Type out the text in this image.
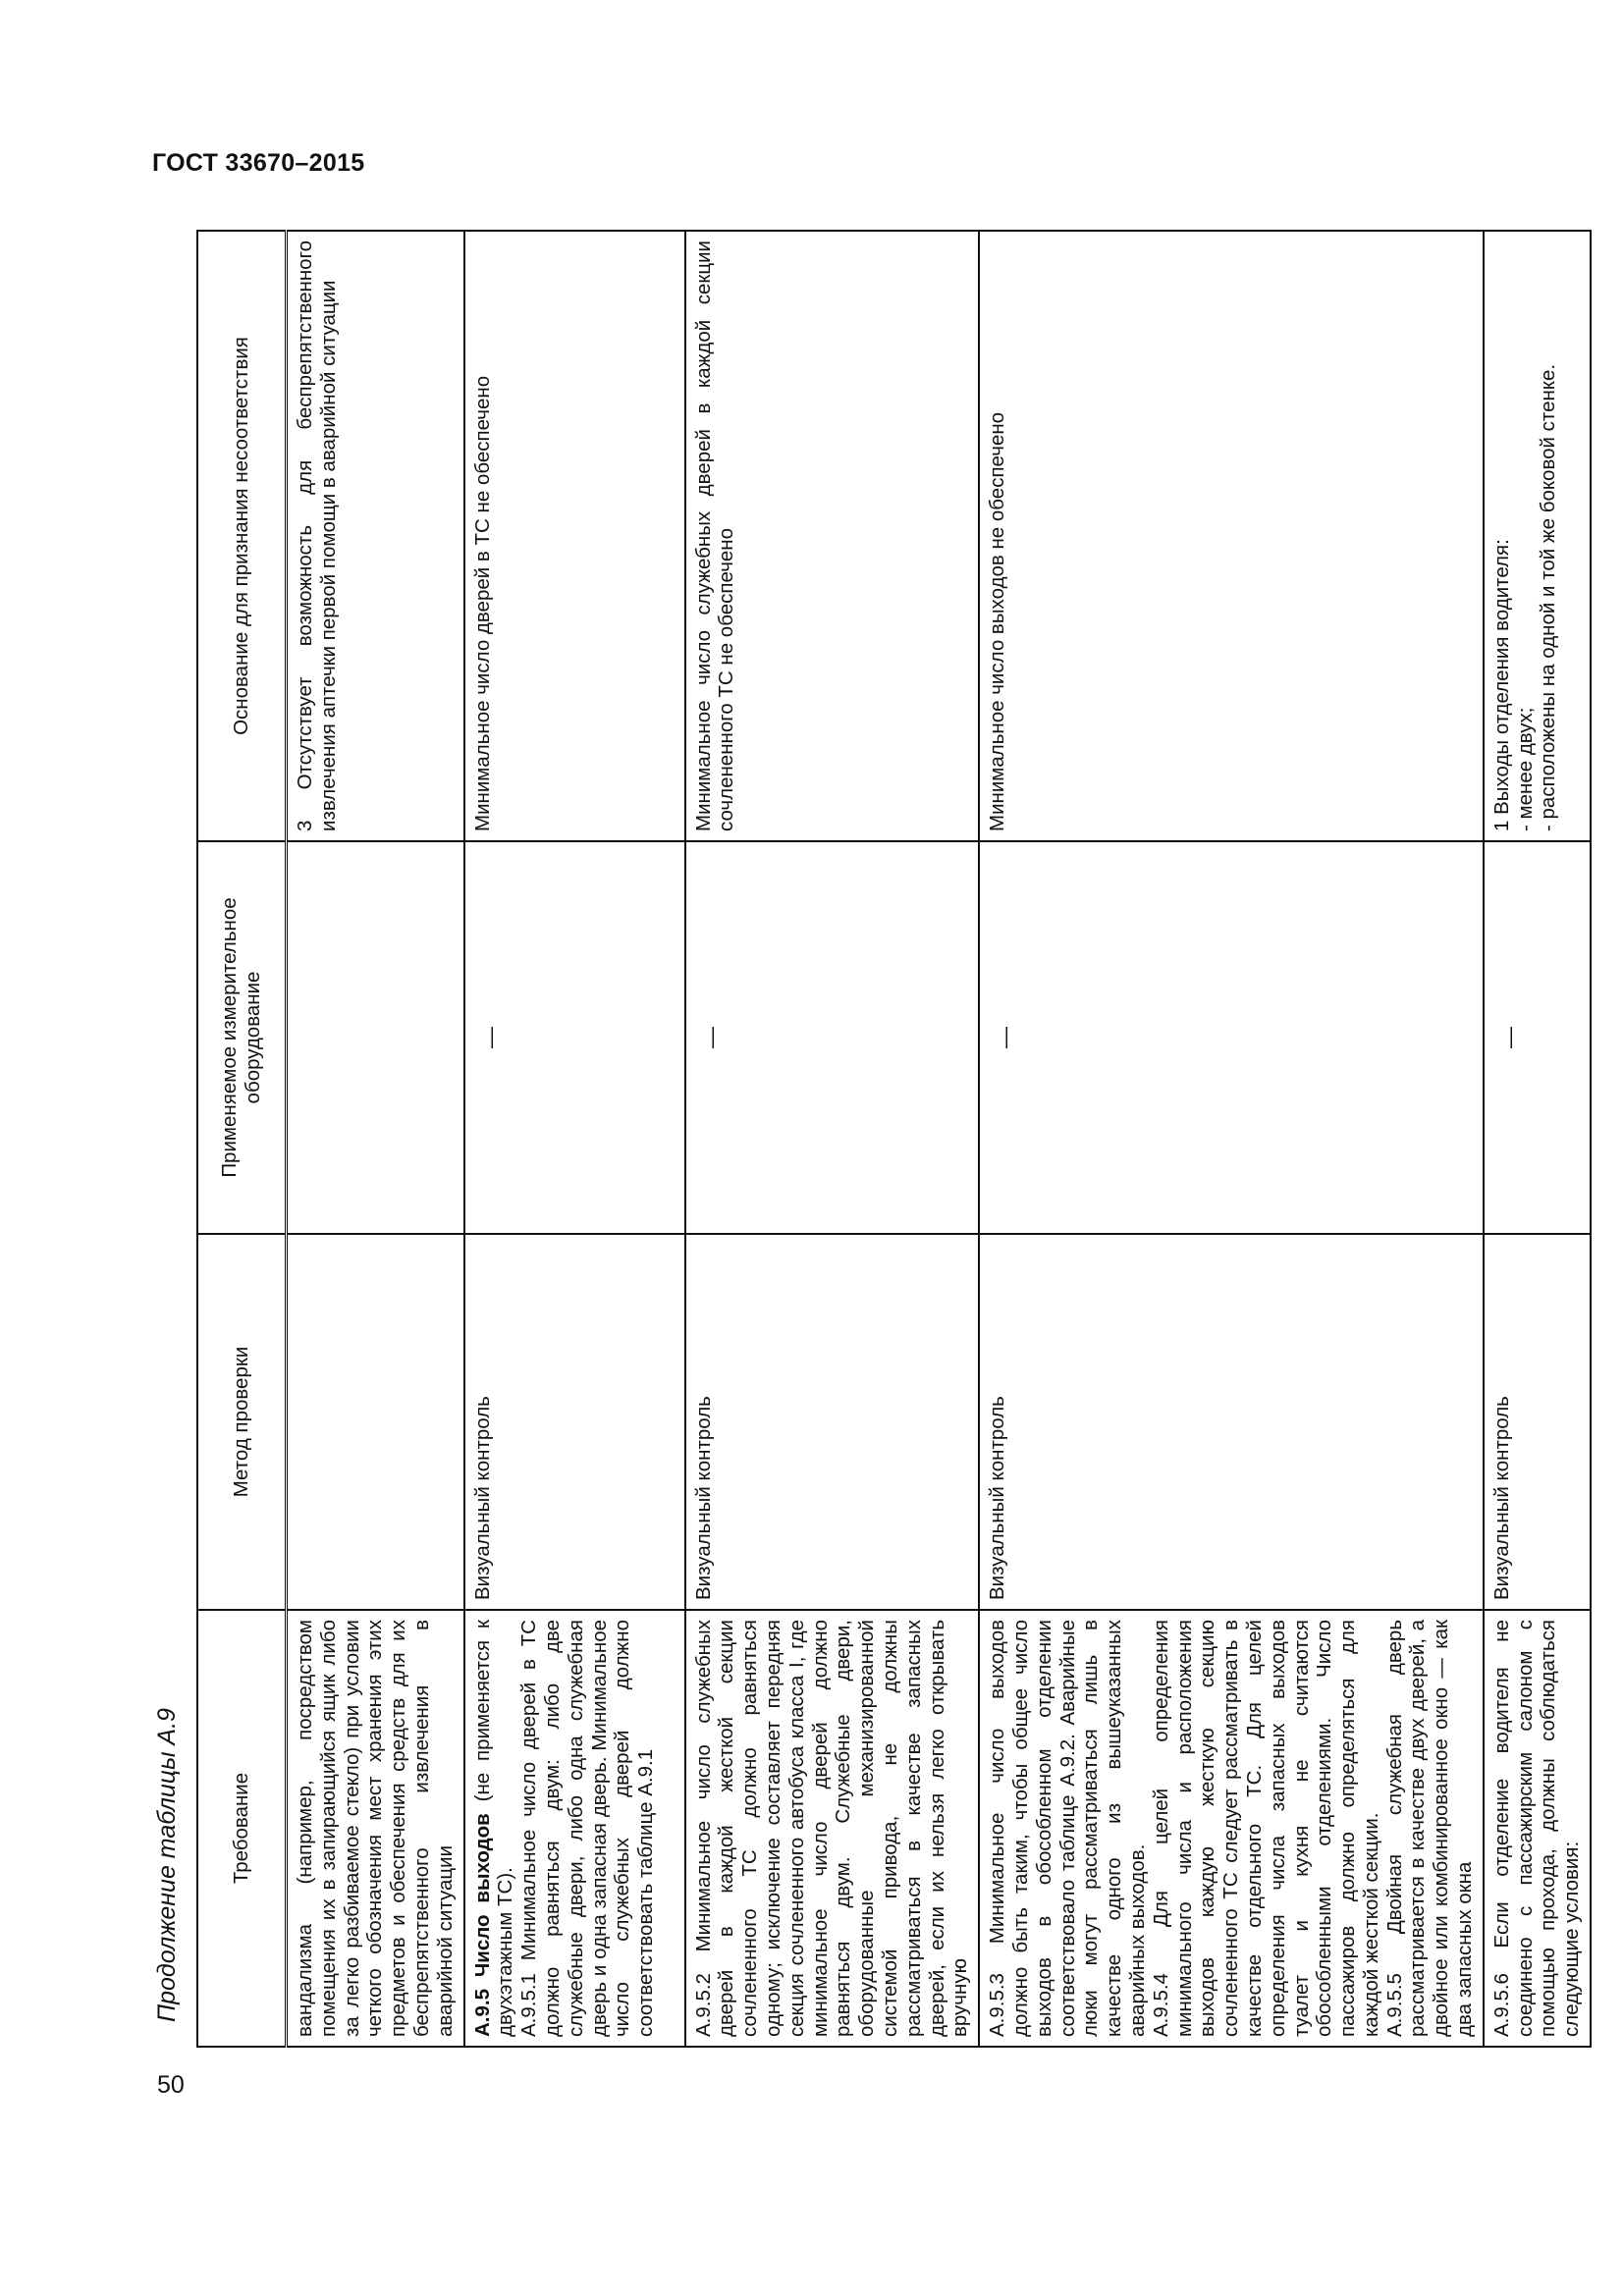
ГОСТ 33670–2015
50
Продолжение таблицы А.9 Требование	Метод проверки	Применяемое измерительное оборудование	Основание для признания несоответствия
вандализма (например, посредством помещения их в запирающийся ящик либо за легко разбиваемое стекло) при условии четкого обозначения мест хранения этих предметов и обеспечения средств для их беспрепятственного извлечения в аварийной ситуации			3 Отсутствует возможность для беспрепятственного извлечения аптечки первой помощи в аварийной ситуации
А.9.5 Число выходов (не применяется к двухэтажным ТС). А.9.5.1 Минимальное число дверей в ТС должно равняться двум: либо две служебные двери, либо одна служебная дверь и одна запасная дверь. Минимальное число служебных дверей должно соответствовать таблице А.9.1	Визуальный контроль	—	Минимальное число дверей в ТС не обеспечено
А.9.5.2 Минимальное число служебных дверей в каждой жесткой секции сочлененного ТС должно равняться одному; исключение составляет передняя секция сочлененного автобуса класса I, где минимальное число дверей должно равняться двум. Служебные двери, оборудованные механизированной системой привода, не должны рассматриваться в качестве запасных дверей, если их нельзя легко открывать вручную	Визуальный контроль	—	Минимальное число служебных дверей в каждой секции сочлененного ТС не обеспечено

А.9.5.3 Минимальное число выходов должно быть таким, чтобы общее число выходов в обособленном отделении соответствовало таблице А.9.2. Аварийные люки могут рассматриваться лишь в качестве одного из вышеуказанных аварийных выходов. А.9.5.4 Для целей определения минимального числа и расположения выходов каждую жесткую секцию сочлененного ТС следует рассматривать в качестве отдельного ТС. Для целей определения числа запасных выходов туалет и кухня не считаются обособленными отделениями. Число пассажиров должно определяться для каждой жесткой секции. А.9.5.5 Двойная служебная дверь рассматривается в качестве двух дверей, а двойное или комбинированное окно — как два запасных окна	Визуальный контроль	—	Минимальное число выходов не обеспечено
А.9.5.6 Если отделение водителя не соединено с пассажирским салоном с помощью прохода, должны соблюдаться следующие условия:	Визуальный контроль	—	1 Выходы отделения водителя: - менее двух; - расположены на одной и той же боковой стенке.
